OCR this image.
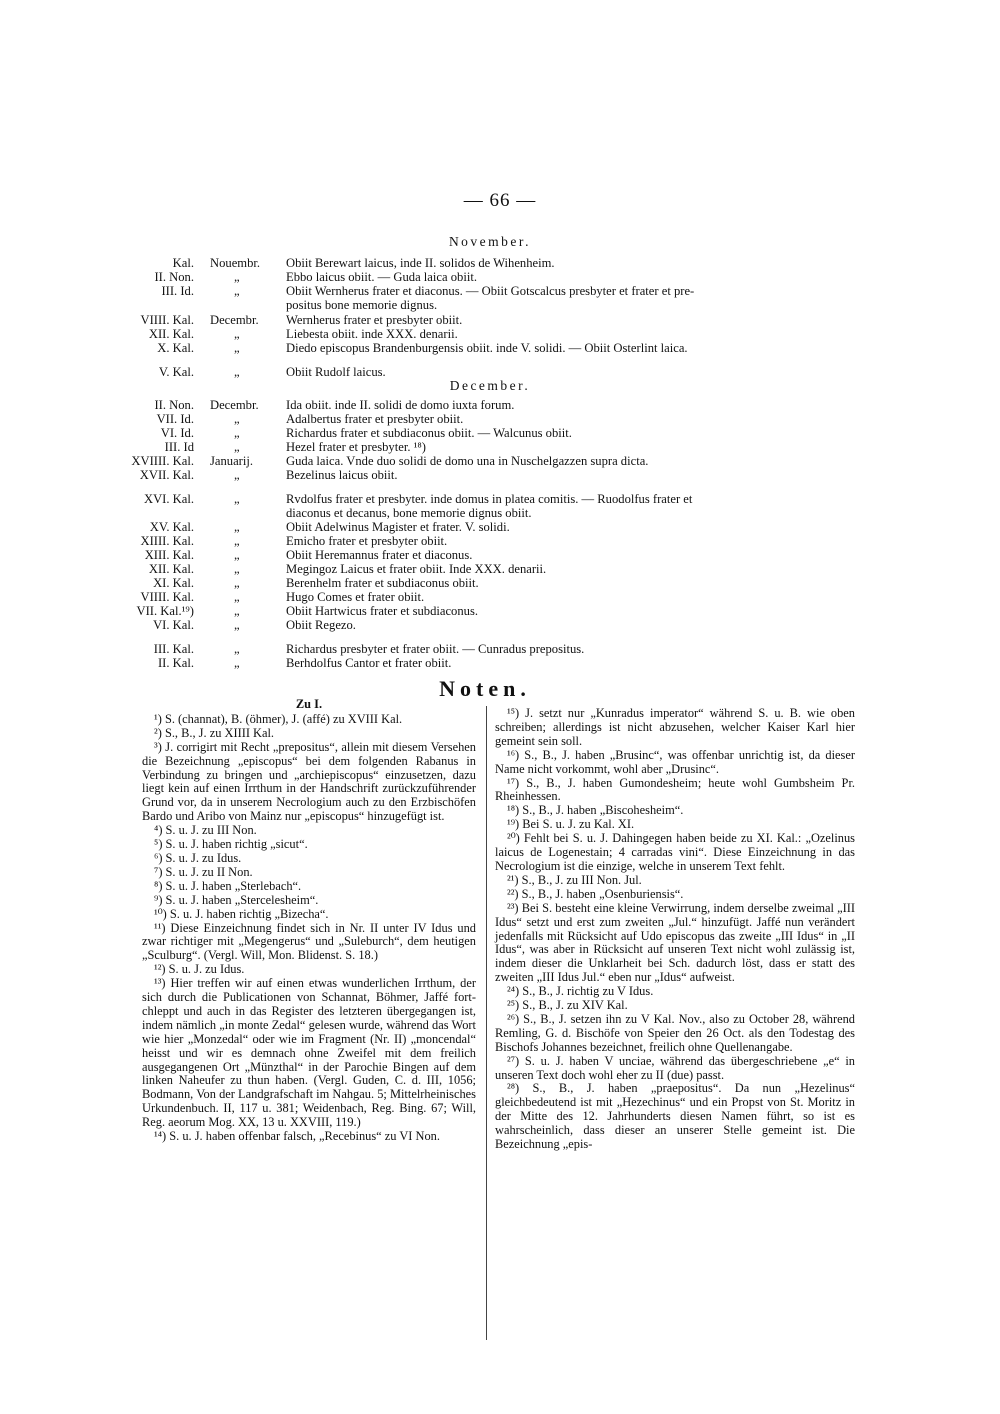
— 66 —
November.
Kal. Nouembr.	Obiit Berewart laicus, inde II. solidos de Wihenheim.
II. Non.	„	Ebbo laicus obiit. — Guda laica obiit.
III. Id.	„	Obiit Wernherus frater et diaconus. — Obiit Gotscalcus presbyter et frater et pre-
positus bone memorie dignus.
VIIII. Kal. Decembr.	Wernherus frater et presbyter obiit.
XII. Kal.	„	Liebesta obiit. inde XXX. denarii.
X. Kal.	„	Diedo episcopus Brandenburgensis obiit. inde V. solidi. — Obiit Osterlint laica.
V. Kal.	„	Obiit Rudolf laicus.
December.
II. Non. Decembr.	Ida obiit. inde II. solidi de domo iuxta forum.
VII. Id.	„	Adalbertus frater et presbyter obiit.
VI. Id.	„	Richardus frater et subdiaconus obiit. — Walcunus obiit.
III. Id	„	Hezel frater et presbyter. ¹⁸)
XVIIII. Kal. Januarij.	Guda laica. Vnde duo solidi de domo una in Nuschelgazzen supra dicta.
XVII. Kal.	„	Bezelinus laicus obiit.
XVI. Kal.	„	Rvdolfus frater et presbyter. inde domus in platea comitis. — Ruodolfus frater et
diaconus et decanus, bone memorie dignus obiit.
XV. Kal.	„	Obiit Adelwinus Magister et frater. V. solidi.
XIIII. Kal.	„	Emicho frater et presbyter obiit.
XIII. Kal.	„	Obiit Heremannus frater et diaconus.
XII. Kal.	„	Megingoz Laicus et frater obiit. Inde XXX. denarii.
XI. Kal.	„	Berenhelm frater et subdiaconus obiit.
VIIII. Kal.	„	Hugo Comes et frater obiit.
VII. Kal.¹⁹)	„	Obiit Hartwicus frater et subdiaconus.
VI. Kal.	„	Obiit Regezo.
III. Kal.	„	Richardus presbyter et frater obiit. — Cunradus prepositus.
II. Kal.	„	Berhdolfus Cantor et frater obiit.
Noten.

Zu I.

¹) S. (channat), B. (öhmer), J. (affé) zu XVIII Kal.

²) S., B., J. zu XIIII Kal.

³) J. corrigirt mit Recht „prepositus“, allein mit diesem Versehen die Bezeichnung „episcopus“ bei dem folgenden Rabanus in Verbindung zu bringen und „archiepiscopus“ einzusetzen, dazu liegt kein auf einen Irrthum in der Handschrift zurückzuführender Grund vor, da in unserem Necrologium auch zu den Erzbischöfen Bardo und Aribo von Mainz nur „episcopus“ hinzugefügt ist.

⁴) S. u. J. zu III Non.

⁵) S. u. J. haben richtig „sicut“.

⁶) S. u. J. zu Idus.

⁷) S. u. J. zu II Non.

⁸) S. u. J. haben „Sterlebach“.

⁹) S. u. J. haben „Stercelesheim“.

¹⁰) S. u. J. haben richtig „Bizecha“.

¹¹) Diese Einzeichnung findet sich in Nr. II unter IV Idus und zwar richtiger mit „Megengerus“ und „Suleburch“, dem heutigen „Sculburg“. (Vergl. Will, Mon. Blidenst. S. 18.)

¹²) S. u. J. zu Idus.

¹³) Hier treffen wir auf einen etwas wunderlichen Irrthum, der sich durch die Publicationen von Schannat, Böhmer, Jaffé fort-chleppt und auch in das Register des letzteren übergegangen ist, indem nämlich „in monte Zedal“ gelesen wurde, während das Wort wie hier „Monzedal“ oder wie im Fragment (Nr. II) „moncendal“ heisst und wir es demnach ohne Zweifel mit dem freilich ausgegangenen Ort „Münzthal“ in der Parochie Bingen auf dem linken Naheufer zu thun haben. (Vergl. Guden, C. d. III, 1056; Bodmann, Von der Landgrafschaft im Nahgau. 5; Mittelrheinisches Urkundenbuch. II, 117 u. 381; Weidenbach, Reg. Bing. 67; Will, Reg. aeorum Mog. XX, 13 u. XXVIII, 119.)

¹⁴) S. u. J. haben offenbar falsch, „Recebinus“ zu VI Non.

¹⁵) J. setzt nur „Kunradus imperator“ während S. u. B. wie oben schreiben; allerdings ist nicht abzusehen, welcher Kaiser Karl hier gemeint sein soll.

¹⁶) S., B., J. haben „Brusinc“, was offenbar unrichtig ist, da dieser Name nicht vorkommt, wohl aber „Drusinc“.

¹⁷) S., B., J. haben Gumondesheim; heute wohl Gumbsheim Pr. Rheinhessen.

¹⁸) S., B., J. haben „Biscohesheim“.

¹⁹) Bei S. u. J. zu Kal. XI.

²⁰) Fehlt bei S. u. J. Dahingegen haben beide zu XI. Kal.: „Ozelinus laicus de Logenestain; 4 carradas vini“. Diese Einzeichnung in das Necrologium ist die einzige, welche in unserem Text fehlt.

²¹) S., B., J. zu III Non. Jul.

²²) S., B., J. haben „Osenburiensis“.

²³) Bei S. besteht eine kleine Verwirrung, indem derselbe zweimal „III Idus“ setzt und erst zum zweiten „Jul.“ hinzufügt. Jaffé nun verändert jedenfalls mit Rücksicht auf Udo episcopus das zweite „III Idus“ in „II Idus“, was aber in Rücksicht auf unseren Text nicht wohl zulässig ist, indem dieser die Unklarheit bei Sch. dadurch löst, dass er statt des zweiten „III Idus Jul.“ eben nur „Idus“ aufweist.

²⁴) S., B., J. richtig zu V Idus.

²⁵) S., B., J. zu XIV Kal.

²⁶) S., B., J. setzen ihn zu V Kal. Nov., also zu October 28, während Remling, G. d. Bischöfe von Speier den 26 Oct. als den Todestag des Bischofs Johannes bezeichnet, freilich ohne Quellenangabe.

²⁷) S. u. J. haben V unciae, während das übergeschriebene „e“ in unseren Text doch wohl eher zu II (due) passt.

²⁸) S., B., J. haben „praepositus“. Da nun „Hezelinus“ gleichbedeutend ist mit „Hezechinus“ und ein Propst von St. Moritz in der Mitte des 12. Jahrhunderts diesen Namen führt, so ist es wahrscheinlich, dass dieser an unserer Stelle gemeint ist. Die Bezeichnung „epis-
